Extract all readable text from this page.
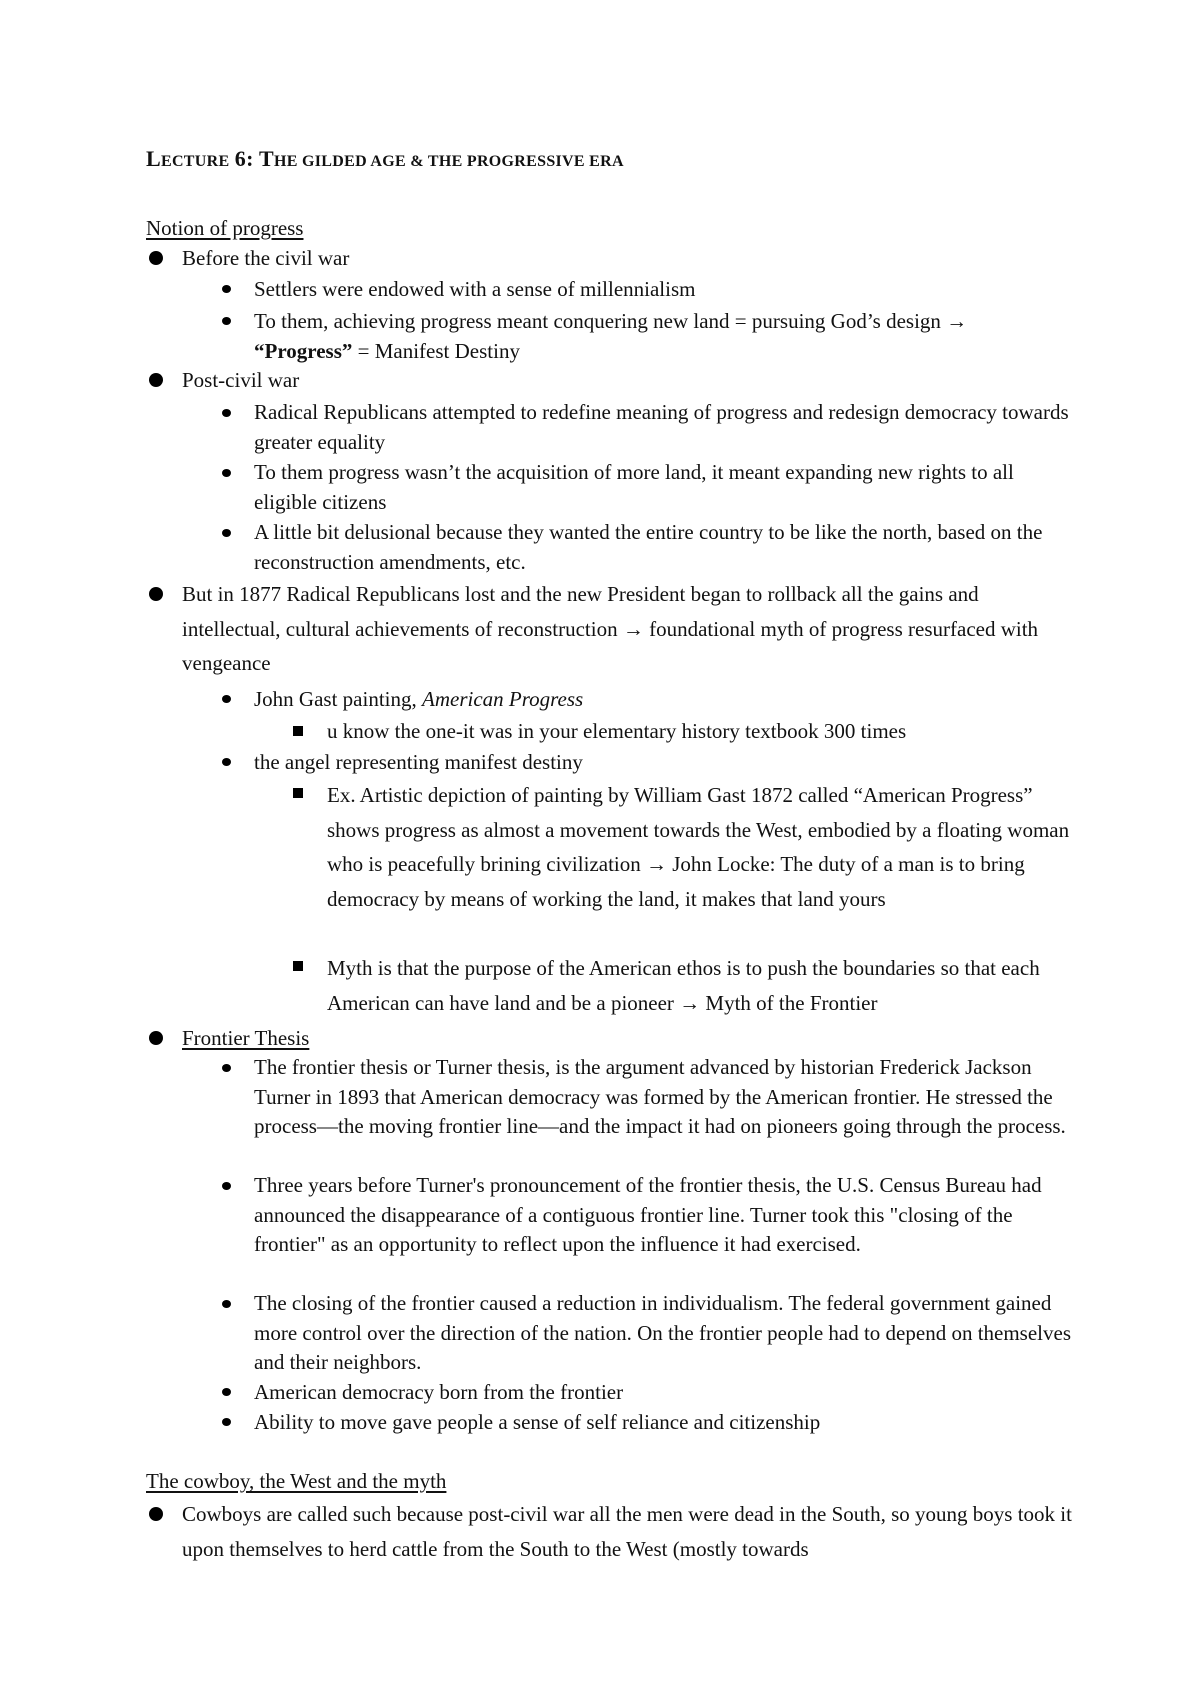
LECTURE 6: THE GILDED AGE & THE PROGRESSIVE ERA

Notion of progress

Before the civil war

Settlers were endowed with a sense of millennialism

To them, achieving progress meant conquering new land = pursuing God’s design →
“Progress” = Manifest Destiny

Post-civil war

Radical Republicans attempted to redefine meaning of progress and redesign democracy towards greater equality

To them progress wasn’t the acquisition of more land, it meant expanding new rights to all eligible citizens

A little bit delusional because they wanted the entire country to be like the north, based on the reconstruction amendments, etc.

But in 1877 Radical Republicans lost and the new President began to rollback all the gains and intellectual, cultural achievements of reconstruction → foundational myth of progress resurfaced with vengeance

John Gast painting, American Progress

u know the one-it was in your elementary history textbook 300 times

the angel representing manifest destiny

Ex. Artistic depiction of painting by William Gast 1872 called “American Progress” shows progress as almost a movement towards the West, embodied by a floating woman who is peacefully brining civilization → John Locke: The duty of a man is to bring democracy by means of working the land, it makes that land yours

Myth is that the purpose of the American ethos is to push the boundaries so that each American can have land and be a pioneer → Myth of the Frontier

Frontier Thesis

The frontier thesis or Turner thesis, is the argument advanced by historian Frederick Jackson Turner in 1893 that American democracy was formed by the American frontier. He stressed the process—the moving frontier line—and the impact it had on pioneers going through the process.

Three years before Turner's pronouncement of the frontier thesis, the U.S. Census Bureau had announced the disappearance of a contiguous frontier line. Turner took this "closing of the frontier" as an opportunity to reflect upon the influence it had exercised.

The closing of the frontier caused a reduction in individualism. The federal government gained more control over the direction of the nation. On the frontier people had to depend on themselves and their neighbors.

American democracy born from the frontier

Ability to move gave people a sense of self reliance and citizenship

The cowboy, the West and the myth

Cowboys are called such because post-civil war all the men were dead in the South, so young boys took it upon themselves to herd cattle from the South to the West (mostly towards
